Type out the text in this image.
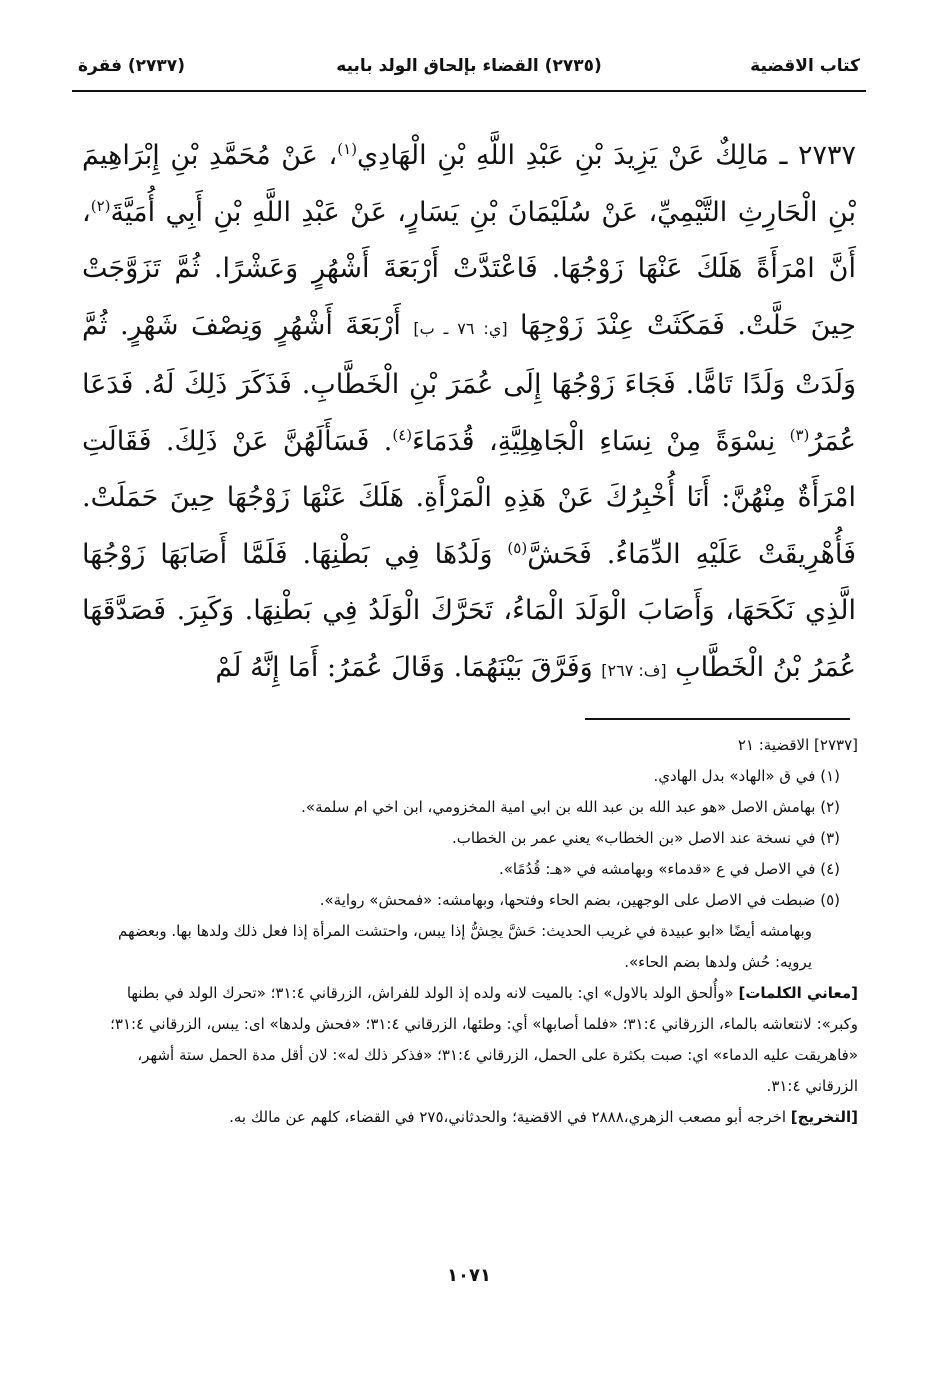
كتاب الاقضية
(٢٧٣٥) القضاء بإلحاق الولد بابيه
(٢٧٣٧) فقرة

٢٧٣٧ ـ مَالِكٌ عَنْ يَزِيدَ بْنِ عَبْدِ اللَّهِ بْنِ الْهَادِي$^{(١)}$، عَنْ مُحَمَّدِ بْنِ إِبْرَاهِيمَ بْنِ الْحَارِثِ التَّيْمِيِّ، عَنْ سُلَيْمَانَ بْنِ يَسَارٍ، عَنْ عَبْدِ اللَّهِ بْنِ أَبِي أُمَيَّةَ$^{(٢)}$، أَنَّ امْرَأَةً هَلَكَ عَنْهَا زَوْجُهَا. فَاعْتَدَّتْ أَرْبَعَةَ أَشْهُرٍ وَعَشْرًا. ثُمَّ تَزَوَّجَتْ حِينَ حَلَّتْ. فَمَكَثَتْ عِنْدَ زَوْجِهَا [ي: ٧٦ ـ ب] أَرْبَعَةَ أَشْهُرٍ وَنِصْفَ شَهْرٍ. ثُمَّ وَلَدَتْ وَلَدًا تَامًّا. فَجَاءَ زَوْجُهَا إِلَى عُمَرَ بْنِ الْخَطَّابِ. فَذَكَرَ ذَلِكَ لَهُ. فَدَعَا عُمَرُ$^{(٣)}$ نِسْوَةً مِنْ نِسَاءِ الْجَاهِلِيَّةِ، قُدَمَاءَ$^{(٤)}$. فَسَأَلَهُنَّ عَنْ ذَلِكَ. فَقَالَتِ امْرَأَةٌ مِنْهُنَّ: أَنَا أُخْبِرُكَ عَنْ هَذِهِ الْمَرْأَةِ. هَلَكَ عَنْهَا زَوْجُهَا حِينَ حَمَلَتْ. فَأُهْرِيقَتْ عَلَيْهِ الدِّمَاءُ. فَحَشَّ$^{(٥)}$ وَلَدُهَا فِي بَطْنِهَا. فَلَمَّا أَصَابَهَا زَوْجُهَا الَّذِي نَكَحَهَا، وَأَصَابَ الْوَلَدَ الْمَاءُ، تَحَرَّكَ الْوَلَدُ فِي بَطْنِهَا. وَكَبِرَ. فَصَدَّقَهَا عُمَرُ بْنُ الْخَطَّابِ [ف: ٢٦٧] وَفَرَّقَ بَيْنَهُمَا. وَقَالَ عُمَرُ: أَمَا إِنَّهُ لَمْ

[٢٧٣٧] الاقضية: ٢١

(١) في ق «الهاد» بدل الهادي.

(٢) بهامش الاصل «هو عبد الله بن عبد الله بن ابي امية المخزومي، ابن اخي ام سلمة».

(٣) في نسخة عند الاصل «بن الخطاب» يعني عمر بن الخطاب.

(٤) في الاصل في ع «قدماء» وبهامشه في «هـ: قُدُمًا».

(٥) ضبطت في الاصل على الوجهين، بضم الحاء وفتحها، وبهامشه: «فمحش» رواية».

وبهامشه أيضًا «ابو عبيدة في غريب الحديث: حَشَّ يحِشُّ إذا يبس، واحتشت المرأة إذا فعل ذلك ولدها بها. وبعضهم يرويه: حُش ولدها بضم الحاء».

[معاني الكلمات] «وأُلحق الولد بالاول» اي: بالميت لانه ولده إذ الولد للفراش، الزرقاني ٣١:٤؛ «تحرك الولد في بطنها وكبر»: لانتعاشه بالماء، الزرقاني ٣١:٤؛ «فلما أصابها» أي: وطئها، الزرقاني ٣١:٤؛ «فحش ولدها» اى: يبس، الزرقاني ٣١:٤؛ «فاهريقت عليه الدماء» اي: صبت بكثرة على الحمل، الزرقاني ٣١:٤؛ «فذكر ذلك له»: لان أقل مدة الحمل ستة أشهر، الزرقاني ٣١:٤.

[التخريج] اخرجه أبو مصعب الزهري،٢٨٨٨ في الاقضية؛ والحدثاني،٢٧٥ في القضاء، كلهم عن مالك به.

١٠٧١
